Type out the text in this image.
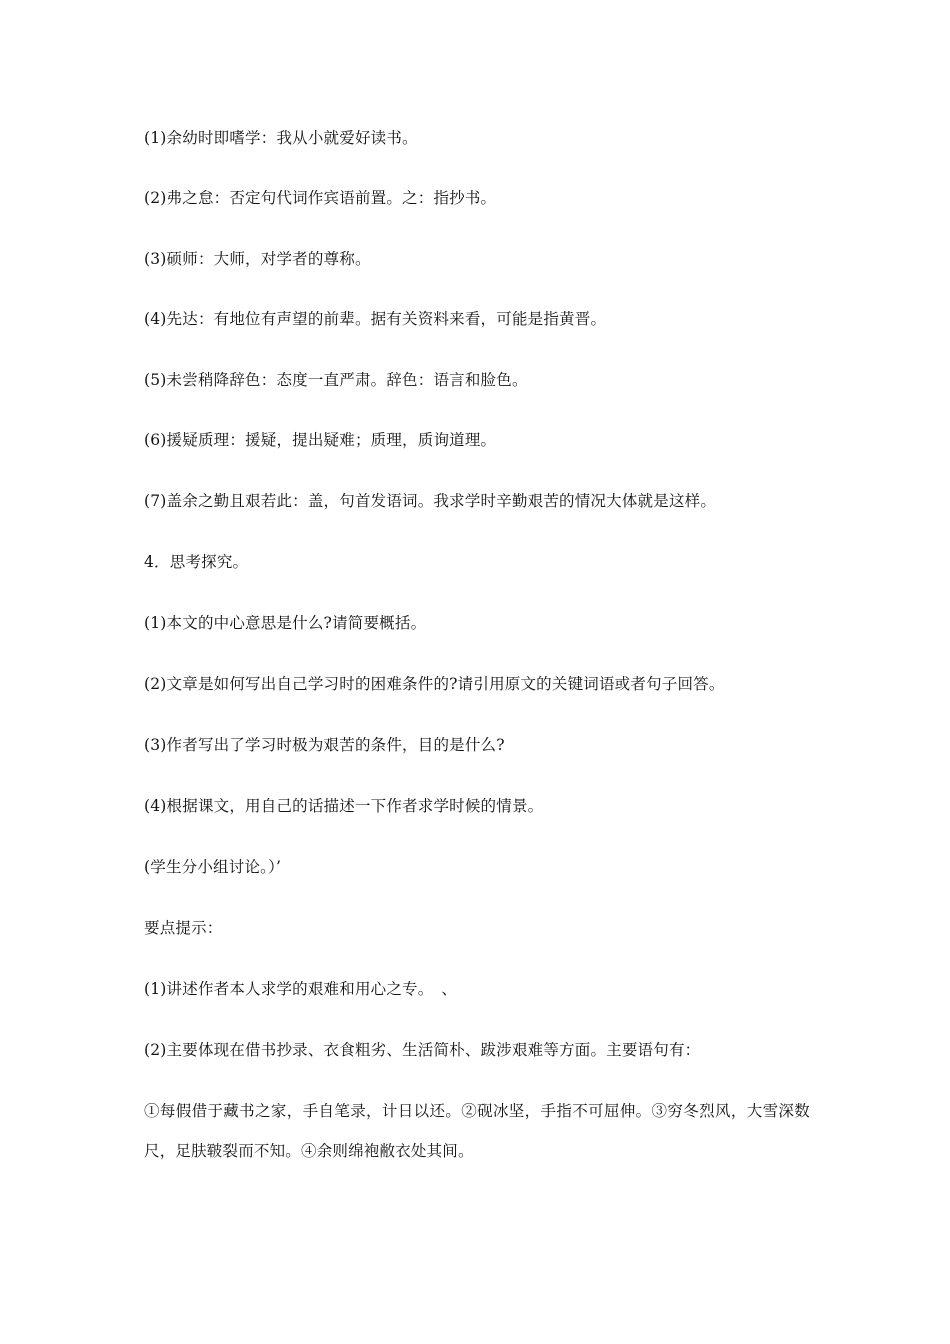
(1)余幼时即嗜学：我从小就爱好读书。
(2)弗之怠：否定句代词作宾语前置。之：指抄书。
(3)硕师：大师，对学者的尊称。
(4)先达：有地位有声望的前辈。据有关资料来看，可能是指黄晋。
(5)未尝稍降辞色：态度一直严肃。辞色：语言和脸色。
(6)援疑质理：援疑，提出疑难；质理，质询道理。
(7)盖余之勤且艰若此：盖，句首发语词。我求学时辛勤艰苦的情况大体就是这样。
4．思考探究。
(1)本文的中心意思是什么?请简要概括。
(2)文章是如何写出自己学习时的困难条件的?请引用原文的关键词语或者句子回答。
(3)作者写出了学习时极为艰苦的条件，目的是什么?
(4)根据课文，用自己的话描述一下作者求学时候的情景。
(学生分小组讨论。）’
要点提示：
(1)讲述作者本人求学的艰难和用心之专。　、
(2)主要体现在借书抄录、衣食粗劣、生活简朴、跋涉艰难等方面。主要语句有：
①每假借于藏书之家，手自笔录，计日以还。②砚冰坚，手指不可屈伸。③穷冬烈风，大雪深数尺，足肤皲裂而不知。④余则绵袍敝衣处其间。
